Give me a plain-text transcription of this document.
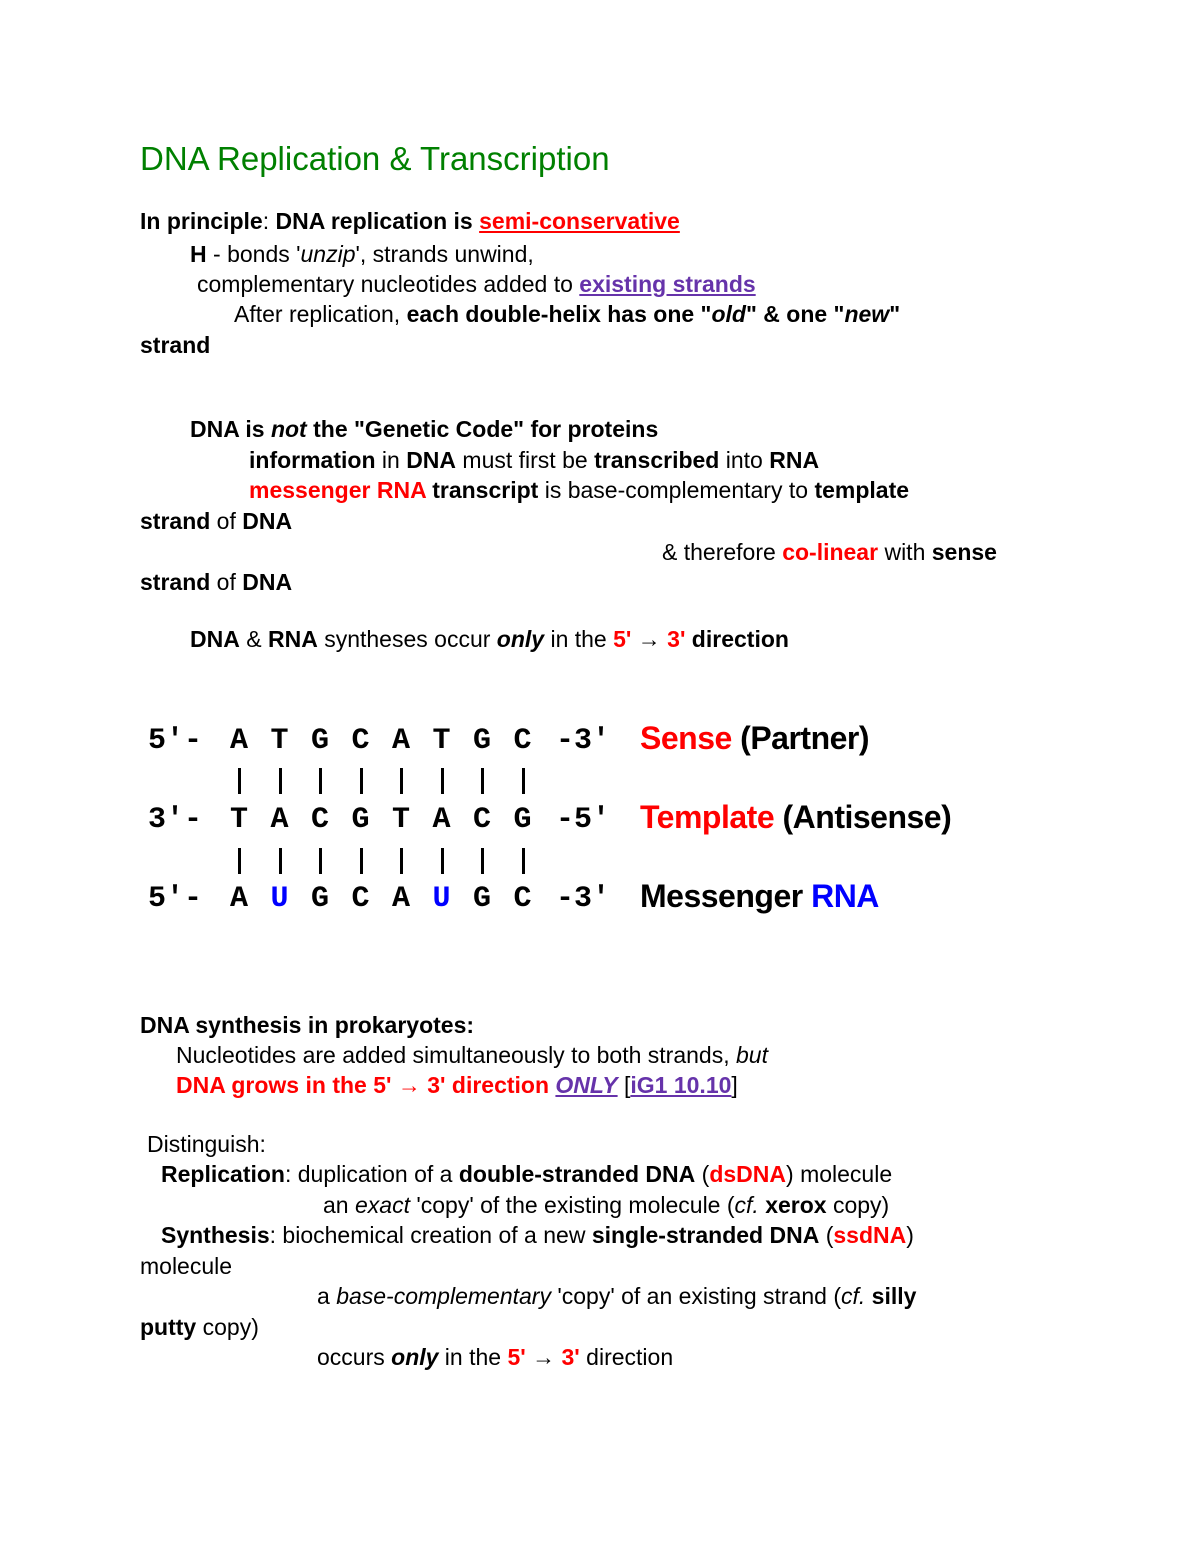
DNA Replication & Transcription
In principle: DNA replication is semi-conservative
H - bonds 'unzip', strands unwind,
complementary nucleotides added to existing strands
After replication, each double-helix has one "old" & one "new"
strand
DNA is not the "Genetic Code" for proteins
information in DNA must first be transcribed into RNA
messenger RNA transcript is base-complementary to template
strand of DNA
& therefore co-linear with sense
strand of DNA
DNA & RNA syntheses occur only in the 5' → 3' direction
5'- A T G C A T G C -3' Sense (Partner)
3'- T A C G T A C G -5' Template (Antisense)
5'- A U G C A U G C -3' Messenger RNA
DNA synthesis in prokaryotes:
Nucleotides are added simultaneously to both strands, but
DNA grows in the 5' → 3' direction ONLY [iG1 10.10]
Distinguish:
Replication: duplication of a double-stranded DNA (dsDNA) molecule
an exact 'copy' of the existing molecule (cf. xerox copy)
Synthesis: biochemical creation of a new single-stranded DNA (ssdNA)
molecule
a base-complementary 'copy' of an existing strand (cf. silly
putty copy)
occurs only in the 5' → 3' direction
